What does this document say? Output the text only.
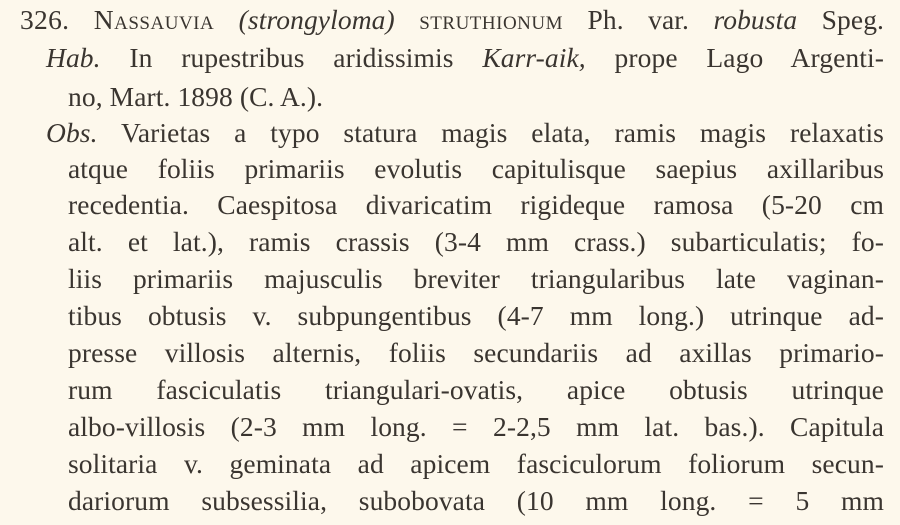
326. Nassauvia (strongyloma) struthionum Ph. var. robusta Speg.
Hab. In rupestribus aridissimis Karr-aik, prope Lago Argenti-
no, Mart. 1898 (C. A.).
Obs. Varietas a typo statura magis elata, ramis magis relaxatis
atque foliis primariis evolutis capitulisque saepius axillaribus
recedentia. Caespitosa divaricatim rigideque ramosa (5-20 cm
alt. et lat.), ramis crassis (3-4 mm crass.) subarticulatis; fo-
liis primariis majusculis breviter triangularibus late vaginan-
tibus obtusis v. subpungentibus (4-7 mm long.) utrinque ad-
presse villosis alternis, foliis secundariis ad axillas primario-
rum fasciculatis triangulari-ovatis, apice obtusis utrinque
albo-villosis (2-3 mm long. = 2-2,5 mm lat. bas.). Capitula
solitaria v. geminata ad apicem fasciculorum foliorum secun-
dariorum subsessilia, subobovata (10 mm long. = 5 mm
